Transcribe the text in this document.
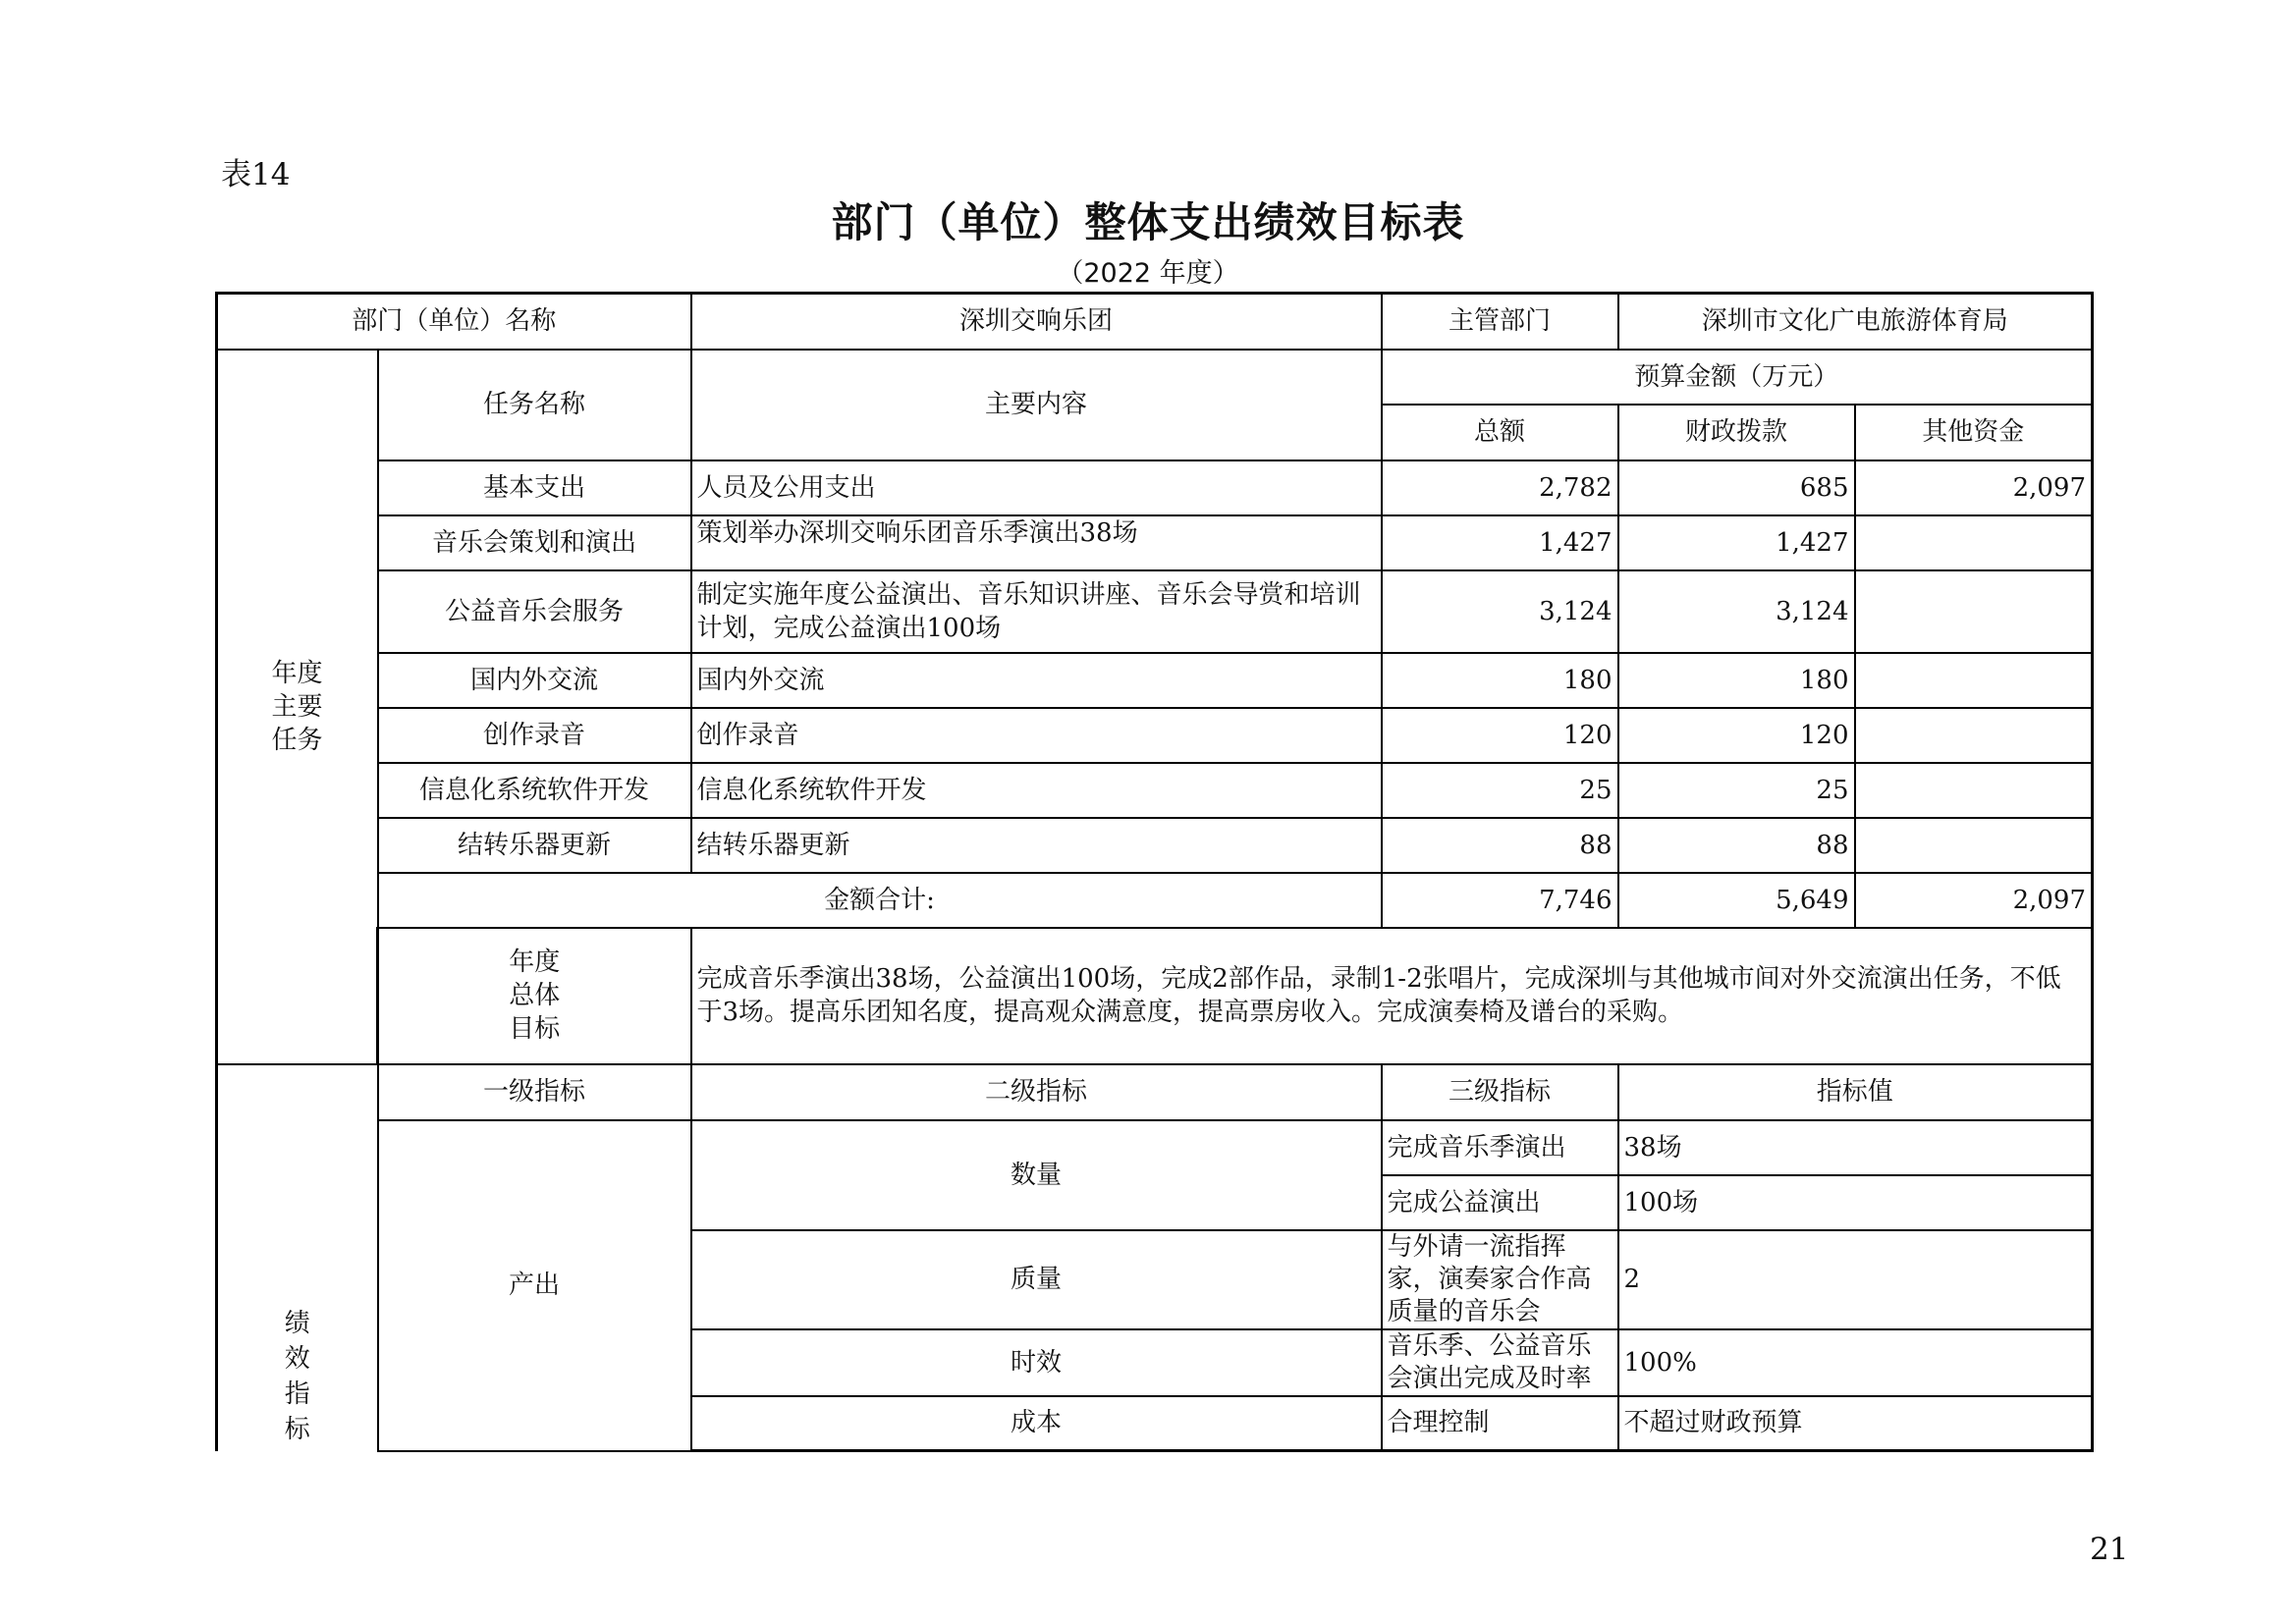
表14
部门（单位）整体支出绩效目标表
（2022 年度）
部门（单位）名称		深圳交响乐团	主管部门	深圳市文化广电旅游体育局	
年度
主要
任务	任务名称	主要内容	预算金额（万元）		
			总额	财政拨款	其他资金
	基本支出	人员及公用支出	2,782	685	2,097
	音乐会策划和演出	策划举办深圳交响乐团音乐季演出38场	1,427	1,427	
	公益音乐会服务	制定实施年度公益演出、音乐知识讲座、音乐会导赏和培训计划，完成公益演出100场	3,124	3,124	
	国内外交流	国内外交流	180	180	
	创作录音	创作录音	120	120	
	信息化系统软件开发	信息化系统软件开发	25	25	
	结转乐器更新	结转乐器更新	88	88	
	金额合计:		7,746	5,649	2,097
	年度
总体
目标	完成音乐季演出38场，公益演出100场，完成2部作品，录制1-2张唱片，完成深圳与其他城市间对外交流演出任务，不低于3场。提高乐团知名度，提高观众满意度，提高票房收入。完成演奏椅及谱台的采购。			
绩
效
指
标	一级指标	二级指标	三级指标	指标值	
	产出	数量	完成音乐季演出	38场	
			完成公益演出	100场	
		质量	与外请一流指挥家，演奏家合作高质量的音乐会	2	
		时效	音乐季、公益音乐会演出完成及时率	100%	
		成本	合理控制	不超过财政预算	
21
